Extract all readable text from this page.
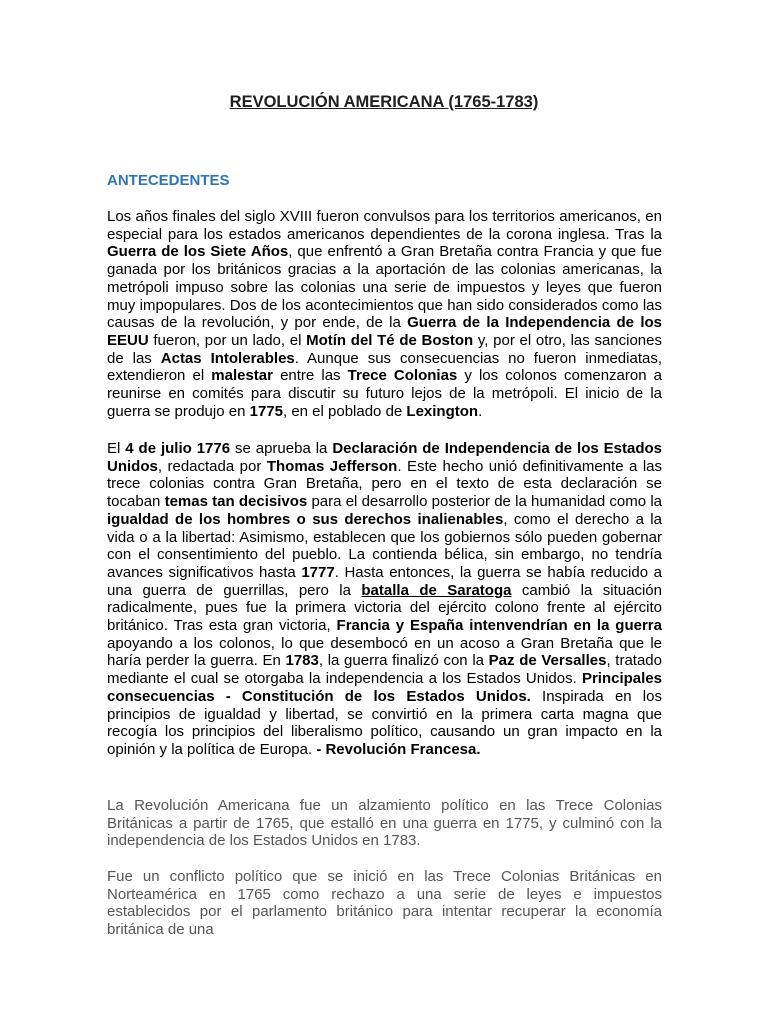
REVOLUCIÓN AMERICANA (1765-1783)
ANTECEDENTES

Los años finales del siglo XVIII fueron convulsos para los territorios americanos, en especial para los estados americanos dependientes de la corona inglesa. Tras la Guerra de los Siete Años, que enfrentó a Gran Bretaña contra Francia y que fue ganada por los británicos gracias a la aportación de las colonias americanas, la metrópoli impuso sobre las colonias una serie de impuestos y leyes que fueron muy impopulares. Dos de los acontecimientos que han sido considerados como las causas de la revolución, y por ende, de la Guerra de la Independencia de los EEUU fueron, por un lado, el Motín del Té de Boston y, por el otro, las sanciones de las Actas Intolerables. Aunque sus consecuencias no fueron inmediatas, extendieron el malestar entre las Trece Colonias y los colonos comenzaron a reunirse en comités para discutir su futuro lejos de la metrópoli. El inicio de la guerra se produjo en 1775, en el poblado de Lexington.

El 4 de julio 1776 se aprueba la Declaración de Independencia de los Estados Unidos, redactada por Thomas Jefferson. Este hecho unió definitivamente a las trece colonias contra Gran Bretaña, pero en el texto de esta declaración se tocaban temas tan decisivos para el desarrollo posterior de la humanidad como la igualdad de los hombres o sus derechos inalienables, como el derecho a la vida o a la libertad: Asimismo, establecen que los gobiernos sólo pueden gobernar con el consentimiento del pueblo. La contienda bélica, sin embargo, no tendría avances significativos hasta 1777. Hasta entonces, la guerra se había reducido a una guerra de guerrillas, pero la batalla de Saratoga cambió la situación radicalmente, pues fue la primera victoria del ejército colono frente al ejército británico. Tras esta gran victoria, Francia y España intenvendrían en la guerra apoyando a los colonos, lo que desembocó en un acoso a Gran Bretaña que le haría perder la guerra. En 1783, la guerra finalizó con la Paz de Versalles, tratado mediante el cual se otorgaba la independencia a los Estados Unidos. Principales consecuencias - Constitución de los Estados Unidos. Inspirada en los principios de igualdad y libertad, se convirtió en la primera carta magna que recogía los principios del liberalismo político, causando un gran impacto en la opinión y la política de Europa. - Revolución Francesa.

La Revolución Americana fue un alzamiento político en las Trece Colonias Británicas a partir de 1765, que estalló en una guerra en 1775, y culminó con la independencia de los Estados Unidos en 1783.

Fue un conflicto político que se inició en las Trece Colonias Británicas en Norteamérica en 1765 como rechazo a una serie de leyes e impuestos establecidos por el parlamento británico para intentar recuperar la economía británica de una
